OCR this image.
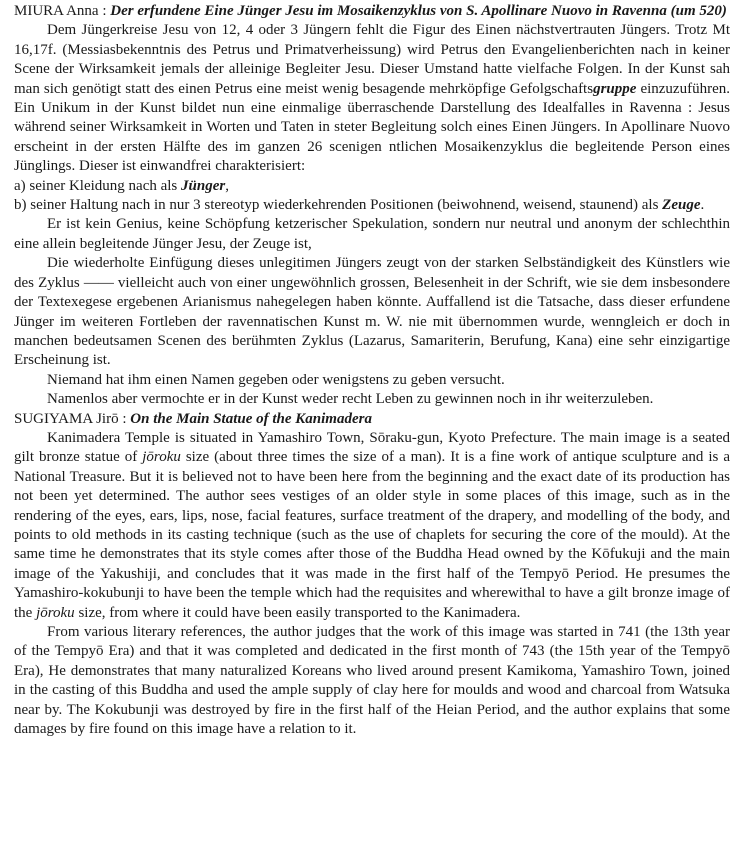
MIURA Anna : Der erfundene Eine Jünger Jesu im Mosaikenzyklus von S. Apollinare Nuovo in Ravenna (um 520)

Dem Jüngerkreise Jesu von 12, 4 oder 3 Jüngern fehlt die Figur des Einen nächstvertrauten Jüngers. Trotz Mt 16,17f. (Messiasbekenntnis des Petrus und Primatverheissung) wird Petrus den Evangelienberichten nach in keiner Scene der Wirksamkeit jemals der alleinige Begleiter Jesu. Dieser Umstand hatte vielfache Folgen. In der Kunst sah man sich genötigt statt des einen Petrus eine meist wenig besagende mehrköpfige Gefolgschaftsgruppe einzuzuführen. Ein Unikum in der Kunst bildet nun eine einmalige überraschende Darstellung des Idealfalles in Ravenna : Jesus während seiner Wirksamkeit in Worten und Taten in steter Begleitung solch eines Einen Jüngers. In Apollinare Nuovo erscheint in der ersten Hälfte des im ganzen 26 scenigen ntlichen Mosaikenzyklus die begleitende Person eines Jünglings. Dieser ist einwandfrei charakterisiert:

a) seiner Kleidung nach als Jünger,

b) seiner Haltung nach in nur 3 stereotyp wiederkehrenden Positionen (beiwohnend, weisend, staunend) als Zeuge.

Er ist kein Genius, keine Schöpfung ketzerischer Spekulation, sondern nur neutral und anonym der schlechthin eine allein begleitende Jünger Jesu, der Zeuge ist,

Die wiederholte Einfügung dieses unlegitimen Jüngers zeugt von der starken Selbständigkeit des Künstlers wie des Zyklus —— vielleicht auch von einer ungewöhnlich grossen, Belesenheit in der Schrift, wie sie dem insbesondere der Textexegese ergebenen Arianismus nahegelegen haben könnte. Auffallend ist die Tatsache, dass dieser erfundene Jünger im weiteren Fortleben der ravennatischen Kunst m. W. nie mit übernommen wurde, wenngleich er doch in manchen bedeutsamen Scenen des berühmten Zyklus (Lazarus, Samariterin, Berufung, Kana) eine sehr einzigartige Erscheinung ist.

Niemand hat ihm einen Namen gegeben oder wenigstens zu geben versucht.

Namenlos aber vermochte er in der Kunst weder recht Leben zu gewinnen noch in ihr weiterzuleben.

SUGIYAMA Jirō : On the Main Statue of the Kanimadera

Kanimadera Temple is situated in Yamashiro Town, Sōraku-gun, Kyoto Prefecture. The main image is a seated gilt bronze statue of jōroku size (about three times the size of a man). It is a fine work of antique sculpture and is a National Treasure. But it is believed not to have been here from the beginning and the exact date of its production has not been yet determined. The author sees vestiges of an older style in some places of this image, such as in the rendering of the eyes, ears, lips, nose, facial features, surface treatment of the drapery, and modelling of the body, and points to old methods in its casting technique (such as the use of chaplets for securing the core of the mould). At the same time he demonstrates that its style comes after those of the Buddha Head owned by the Kōfukuji and the main image of the Yakushiji, and concludes that it was made in the first half of the Tempyō Period. He presumes the Yamashiro-kokubunji to have been the temple which had the requisites and wherewithal to have a gilt bronze image of the jōroku size, from where it could have been easily transported to the Kanimadera.

From various literary references, the author judges that the work of this image was started in 741 (the 13th year of the Tempyō Era) and that it was completed and dedicated in the first month of 743 (the 15th year of the Tempyō Era), He demonstrates that many naturalized Koreans who lived around present Kamikoma, Yamashiro Town, joined in the casting of this Buddha and used the ample supply of clay here for moulds and wood and charcoal from Watsuka near by. The Kokubunji was destroyed by fire in the first half of the Heian Period, and the author explains that some damages by fire found on this image have a relation to it.
